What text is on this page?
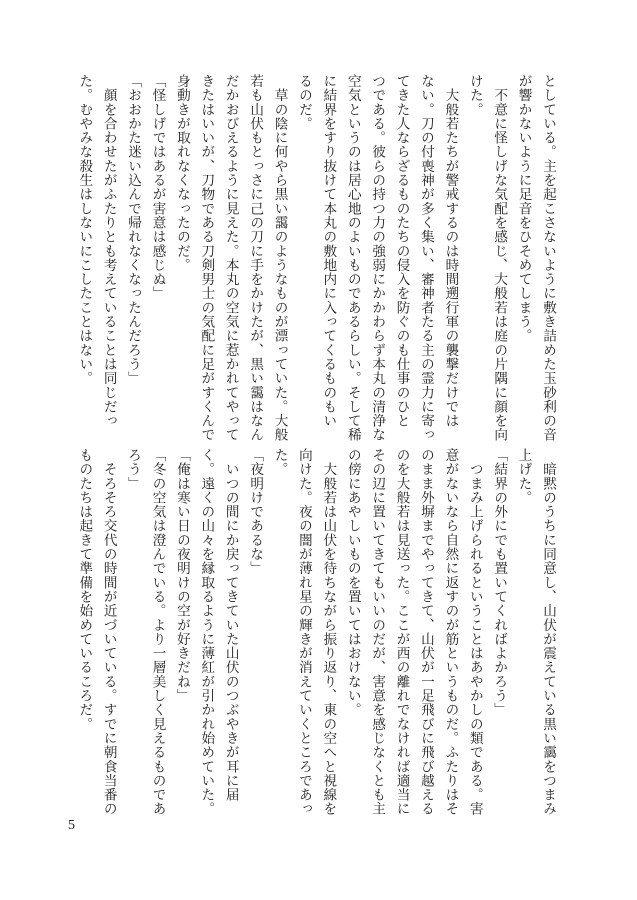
としている。主を起こさないように敷き詰めた玉砂利の音
が響かないように足音をひそめてしまう。
　不意に怪しげな気配を感じ、大般若は庭の片隅に顔を向
けた。
　大般若たちが警戒するのは時間遡行軍の襲撃だけでは
ない。刀の付喪神が多く集い、審神者たる主の霊力に寄っ
てきた人ならざるものたちの侵入を防ぐのも仕事のひと
つである。彼らの持つ力の強弱にかかわらず本丸の清浄な
空気というのは居心地のよいものであるらしい。そして稀
に結界をすり抜けて本丸の敷地内に入ってくるものもい
るのだ。
　草の陰に何やら黒い靄のようなものが漂っていた。大般
若も山伏もとっさに己の刀に手をかけたが、黒い靄はなん
だかおびえるように見えた。本丸の空気に惹かれてやって
きたはいいが、刀物である刀剣男士の気配に足がすくんで
身動きが取れなくなったのだ。
「怪しげではあるが害意は感じぬ」
「おおかた迷い込んで帰れなくなったんだろう」
　顔を合わせたがふたりとも考えていることは同じだっ
た。むやみな殺生はしないにこしたことはない。
　暗黙のうちに同意し、山伏が震えている黒い靄をつまみ
上げた。
「結界の外にでも置いてくればよかろう」
　つまみ上げられるということはあやかしの類である。害
意がないなら自然に返すのが筋というものだ。ふたりはそ
のまま外塀までやってきて、山伏が一足飛びに飛び越える
のを大般若は見送った。ここが西の離れでなければ適当に
その辺に置いてきてもいいのだが、害意を感じなくとも主
の傍にあやしいものを置いてはおけない。
　大般若は山伏を待ちながら振り返り、東の空へと視線を
向けた。夜の闇が薄れ星の輝きが消えていくところであっ
た。
「夜明けであるな」
　いつの間にか戻ってきていた山伏のつぶやきが耳に届
く。遠くの山々を縁取るように薄紅が引かれ始めていた。
「俺は寒い日の夜明けの空が好きだね」
「冬の空気は澄んでいる。より一層美しく見えるものであ
ろう」
　そろそろ交代の時間が近づいている。すでに朝食当番の
ものたちは起きて準備を始めているころだ。
5
